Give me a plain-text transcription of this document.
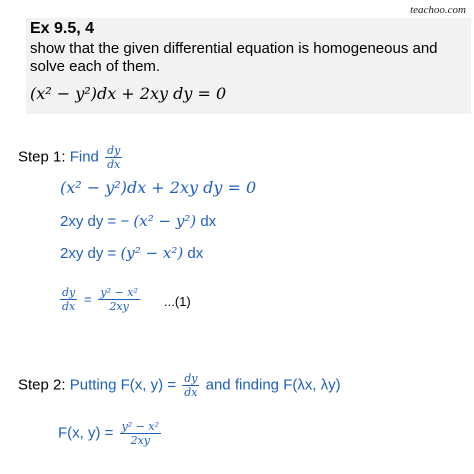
teachoo.com
Ex 9.5, 4
show that the given differential equation is homogeneous and
solve each of them.
(x² − y²)dx + 2xy dy = 0
Step 1: Find $\frac{dy}{dx}$
(x² − y²)dx + 2xy dy = 0
2xy dy = − (x² − y²) dx
2xy dy = (y² − x²) dx
$\frac{dy}{dx} = \frac{\text{y² − x²}}{2xy} ...(1)$
Step 2: Putting F(x, $y) = \frac{dy}{dx}$ and finding F(λx, λy)
F(x, $y) = \frac{\text{y² − x²}}{2xy}$
